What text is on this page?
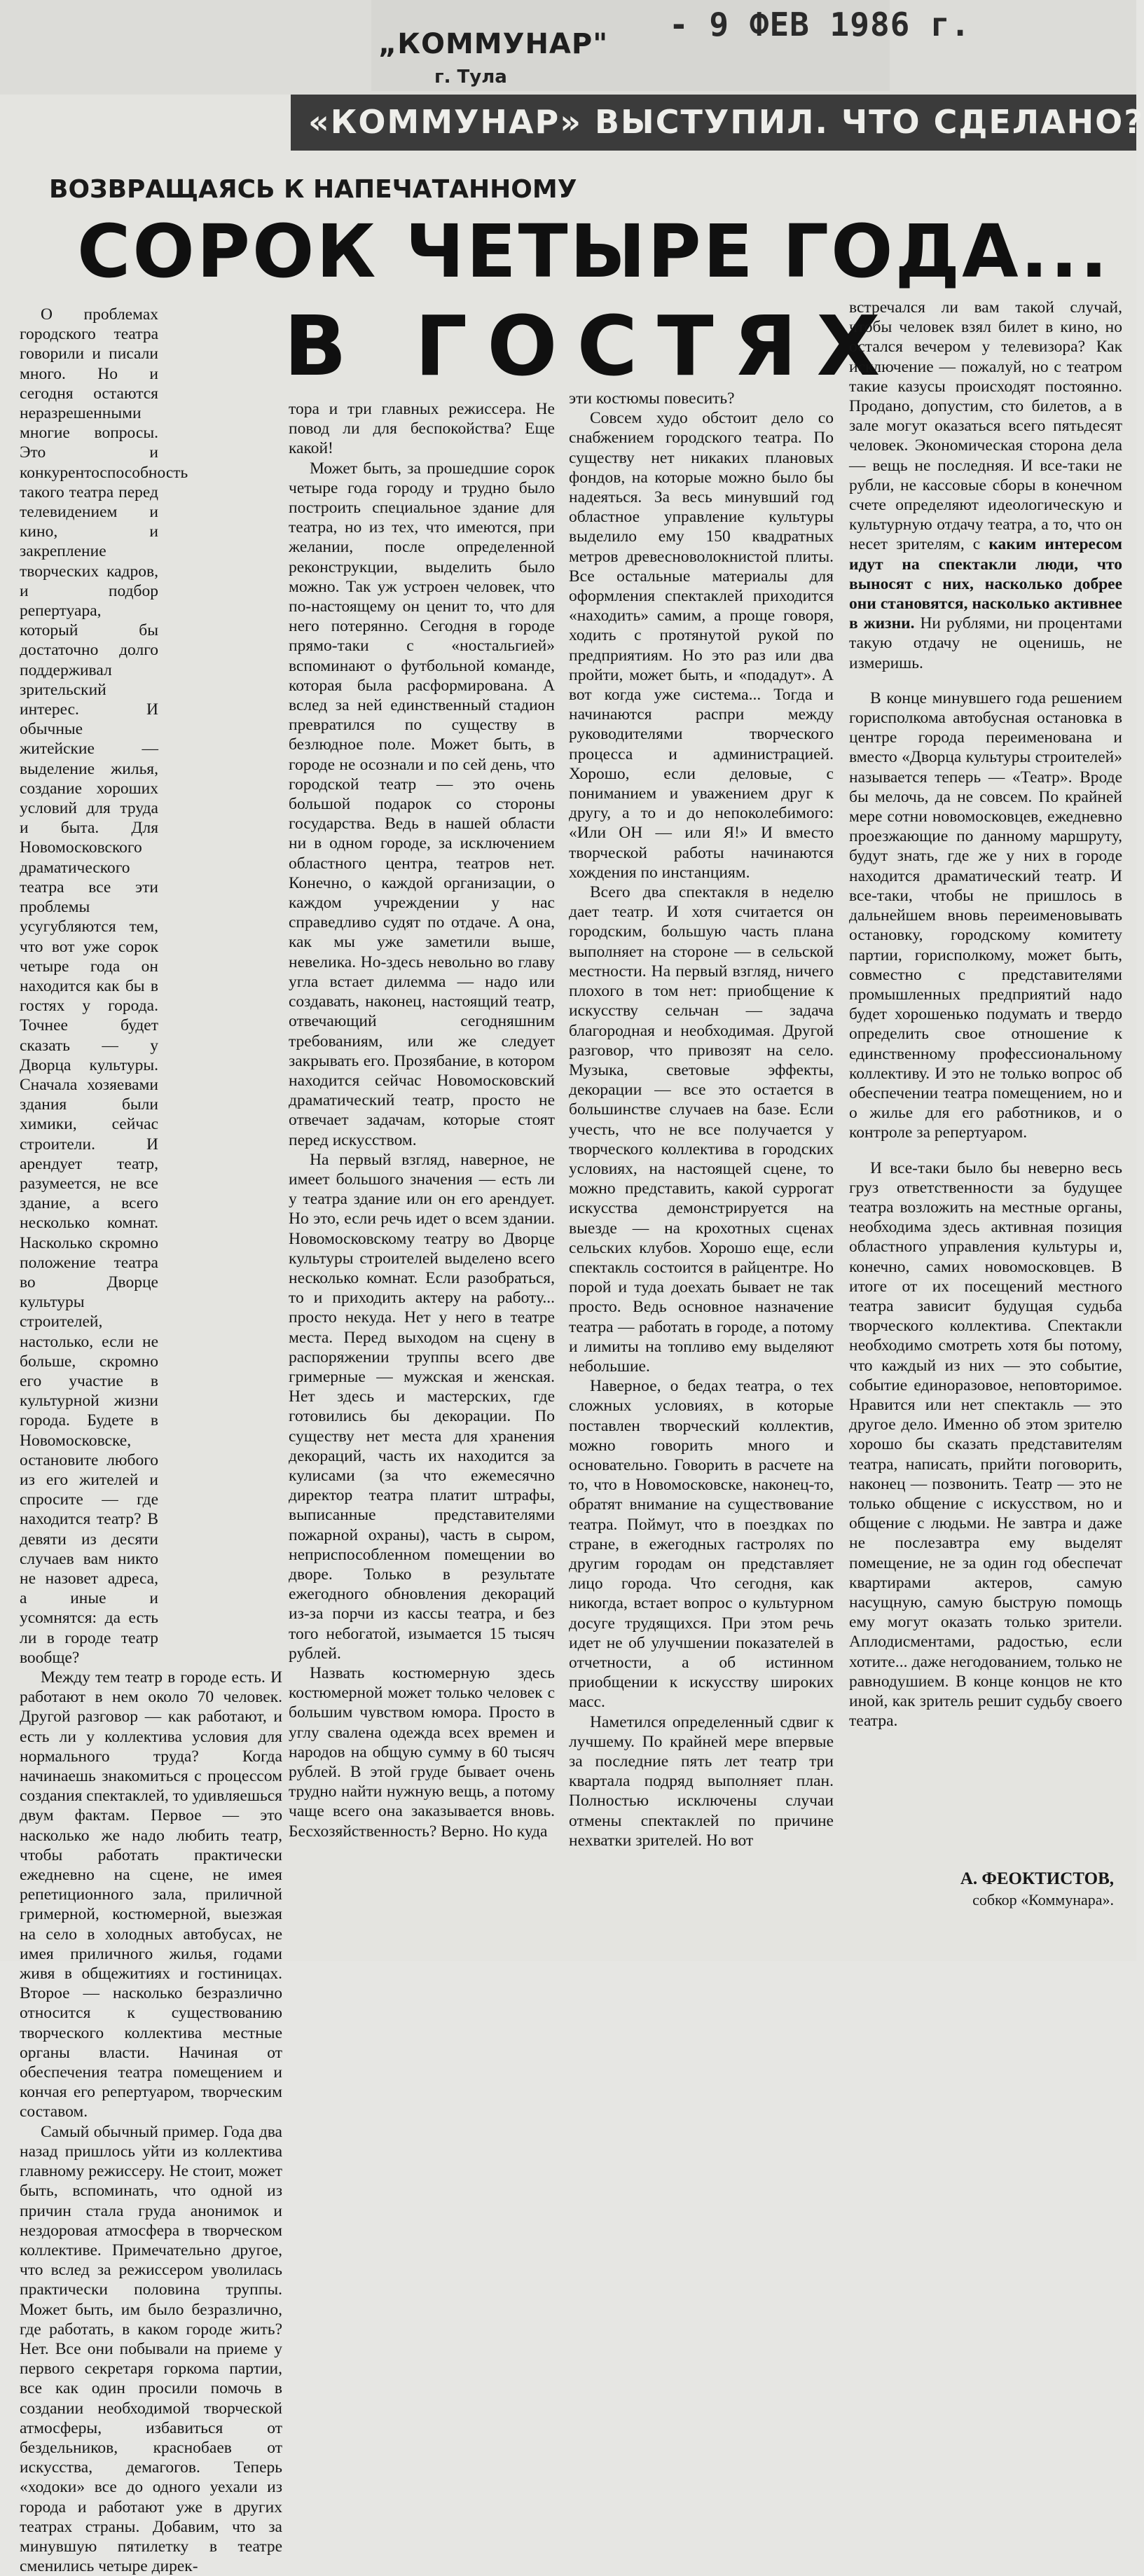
„КОММУНАР"
г. Тула
- 9 ФЕВ 1986 г.
«КОММУНАР» ВЫСТУПИЛ. ЧТО СДЕЛАНО?
ВОЗВРАЩАЯСЬ К НАПЕЧАТАННОМУ
СОРОК ЧЕТЫРЕ ГОДА...
В ГОСТЯХ

О проблемах городского театра говорили и писали много. Но и сегодня остаются неразрешенными многие вопросы. Это и конкурентоспособность такого театра перед телевидением и кино, и закрепление творческих кадров, и подбор репертуара, который бы достаточно долго поддерживал зрительский интерес. И обычные житейские — выделение жилья, создание хороших условий для труда и быта. Для Новомосковского драматического театра все эти проблемы усугубляются тем, что вот уже сорок четыре года он находится как бы в гостях у города. Точнее будет сказать — у Дворца культуры. Сначала хозяевами здания были химики, сейчас строители. И арендует театр, разумеется, не все здание, а всего несколько комнат. Насколько скромно положение театра во Дворце культуры строителей, настолько, если не больше, скромно его участие в культурной жизни города. Будете в Новомосковске, остановите любого из его жителей и спросите — где находится театр? В девяти из десяти случаев вам никто не назовет адреса, а иные и усомнятся: да есть ли в городе театр вообще?

Между тем театр в городе есть. И работают в нем около 70 человек. Другой разговор — как работают, и есть ли у коллектива условия для нормального труда? Когда начинаешь знакомиться с процессом создания спектаклей, то удивляешься двум фактам. Первое — это насколько же надо любить театр, чтобы работать практически ежедневно на сцене, не имея репетиционного зала, приличной гримерной, костюмерной, выезжая на село в холодных автобусах, не имея приличного жилья, годами живя в общежитиях и гостиницах. Второе — насколько безразлично относится к существованию творческого коллектива местные органы власти. Начиная от обеспечения театра помещением и кончая его репертуаром, творческим составом.

Самый обычный пример. Года два назад пришлось уйти из коллектива главному режиссеру. Не стоит, может быть, вспоминать, что одной из причин стала груда анонимок и нездоровая атмосфера в творческом коллективе. Примечательно другое, что вслед за режиссером уволилась практически половина труппы. Может быть, им было безразлично, где работать, в каком городе жить? Нет. Все они побывали на приеме у первого секретаря горкома партии, все как один просили помочь в создании необходимой творческой атмосферы, избавиться от бездельников, краснобаев от искусства, демагогов. Теперь «ходоки» все до одного уехали из города и работают уже в других театрах страны. Добавим, что за минувшую пятилетку в театре сменились четыре дирек-

тора и три главных режиссера. Не повод ли для беспокойства? Еще какой!

Может быть, за прошедшие сорок четыре года городу и трудно было построить специальное здание для театра, но из тех, что имеются, при желании, после определенной реконструкции, выделить было можно. Так уж устроен человек, что по-настоящему он ценит то, что для него потерянно. Сегодня в городе прямо-таки с «ностальгией» вспоминают о футбольной команде, которая была расформирована. А вслед за ней единственный стадион превратился по существу в безлюдное поле. Может быть, в городе не осознали и по сей день, что городской театр — это очень большой подарок со стороны государства. Ведь в нашей области ни в одном городе, за исключением областного центра, театров нет. Конечно, о каждой организации, о каждом учреждении у нас справедливо судят по отдаче. А она, как мы уже заметили выше, невелика. Но-здесь невольно во главу угла встает дилемма — надо или создавать, наконец, настоящий театр, отвечающий сегодняшним требованиям, или же следует закрывать его. Прозябание, в котором находится сейчас Новомосковский драматический театр, просто не отвечает задачам, которые стоят перед искусством.

На первый взгляд, наверное, не имеет большого значения — есть ли у театра здание или он его арендует. Но это, если речь идет о всем здании. Новомосковскому театру во Дворце культуры строителей выделено всего несколько комнат. Если разобраться, то и приходить актеру на работу... просто некуда. Нет у него в театре места. Перед выходом на сцену в распоряжении труппы всего две гримерные — мужская и женская. Нет здесь и мастерских, где готовились бы декорации. По существу нет места для хранения декораций, часть их находится за кулисами (за что ежемесячно директор театра платит штрафы, выписанные представителями пожарной охраны), часть в сыром, неприспособленном помещении во дворе. Только в результате ежегодного обновления декораций из-за порчи из кассы театра, и без того небогатой, изымается 15 тысяч рублей.

Назвать костюмерную здесь костюмерной может только человек с большим чувством юмора. Просто в углу свалена одежда всех времен и народов на общую сумму в 60 тысяч рублей. В этой груде бывает очень трудно найти нужную вещь, а потому чаще всего она заказывается вновь. Бесхозяйственность? Верно. Но куда

эти костюмы повесить?

Совсем худо обстоит дело со снабжением городского театра. По существу нет никаких плановых фондов, на которые можно было бы надеяться. За весь минувший год областное управление культуры выделило ему 150 квадратных метров древесноволокнистой плиты. Все остальные материалы для оформления спектаклей приходится «находить» самим, а проще говоря, ходить с протянутой рукой по предприятиям. Но это раз или два пройти, может быть, и «подадут». А вот когда уже система... Тогда и начинаются распри между руководителями творческого процесса и администрацией. Хорошо, если деловые, с пониманием и уважением друг к другу, а то и до непоколебимого: «Или ОН — или Я!» И вместо творческой работы начинаются хождения по инстанциям.

Всего два спектакля в неделю дает театр. И хотя считается он городским, большую часть плана выполняет на стороне — в сельской местности. На первый взгляд, ничего плохого в том нет: приобщение к искусству сельчан — задача благородная и необходимая. Другой разговор, что привозят на село. Музыка, световые эффекты, декорации — все это остается в большинстве случаев на базе. Если учесть, что не все получается у творческого коллектива в городских условиях, на настоящей сцене, то можно представить, какой суррогат искусства демонстрируется на выезде — на крохотных сценах сельских клубов. Хорошо еще, если спектакль состоится в райцентре. Но порой и туда доехать бывает не так просто. Ведь основное назначение театра — работать в городе, а потому и лимиты на топливо ему выделяют небольшие.

Наверное, о бедах театра, о тех сложных условиях, в которые поставлен творческий коллектив, можно говорить много и основательно. Говорить в расчете на то, что в Новомосковске, наконец-то, обратят внимание на существование театра. Поймут, что в поездках по стране, в ежегодных гастролях по другим городам он представляет лицо города. Что сегодня, как никогда, встает вопрос о культурном досуге трудящихся. При этом речь идет не об улучшении показателей в отчетности, а об истинном приобщении к искусству широких масс.

Наметился определенный сдвиг к лучшему. По крайней мере впервые за последние пять лет театр три квартала подряд выполняет план. Полностью исключены случаи отмены спектаклей по причине нехватки зрителей. Но вот

встречался ли вам такой случай, чтобы человек взял билет в кино, но остался вечером у телевизора? Как исключение — пожалуй, но с театром такие казусы происходят постоянно. Продано, допустим, сто билетов, а в зале могут оказаться всего пятьдесят человек. Экономическая сторона дела — вещь не последняя. И все-таки не рубли, не кассовые сборы в конечном счете определяют идеологическую и культурную отдачу театра, а то, что он несет зрителям, с каким интересом идут на спектакли люди, что выносят с них, насколько добрее они становятся, насколько активнее в жизни. Ни рублями, ни процентами такую отдачу не оценишь, не измеришь.

В конце минувшего года решением горисполкома автобусная остановка в центре города переименована и вместо «Дворца культуры строителей» называется теперь — «Театр». Вроде бы мелочь, да не совсем. По крайней мере сотни новомосковцев, ежедневно проезжающие по данному маршруту, будут знать, где же у них в городе находится драматический театр. И все-таки, чтобы не пришлось в дальнейшем вновь переименовывать остановку, городскому комитету партии, горисполкому, может быть, совместно с представителями промышленных предприятий надо будет хорошенько подумать и твердо определить свое отношение к единственному профессиональному коллективу. И это не только вопрос об обеспечении театра помещением, но и о жилье для его работников, и о контроле за репертуаром.

И все-таки было бы неверно весь груз ответственности за будущее театра возложить на местные органы, необходима здесь активная позиция областного управления культуры и, конечно, самих новомосковцев. В итоге от их посещений местного театра зависит будущая судьба творческого коллектива. Спектакли необходимо смотреть хотя бы потому, что каждый из них — это событие, событие единоразовое, неповторимое. Нравится или нет спектакль — это другое дело. Именно об этом зрителю хорошо бы сказать представителям театра, написать, прийти поговорить, наконец — позвонить. Театр — это не только общение с искусством, но и общение с людьми. Не завтра и даже не послезавтра ему выделят помещение, не за один год обеспечат квартирами актеров, самую насущную, самую быструю помощь ему могут оказать только зрители. Аплодисментами, радостью, если хотите... даже негодованием, только не равнодушием. В конце концов не кто иной, как зритель решит судьбу своего театра.

А. ФЕОКТИСТОВ,
собкор «Коммунара».
